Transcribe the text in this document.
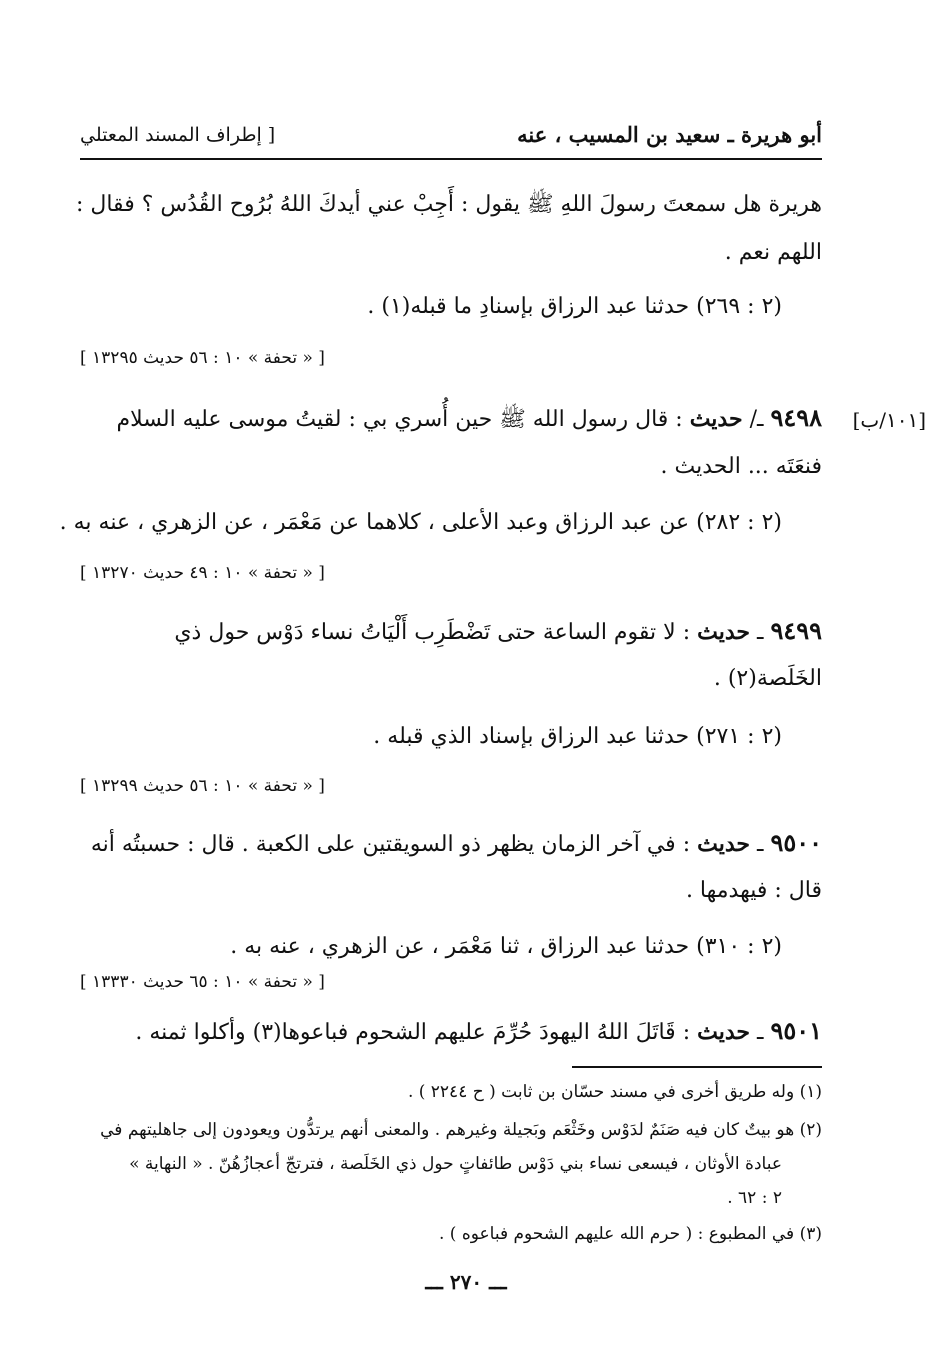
أبو هريرة ـ سعيد بن المسيب ، عنه
[ إطراف المسند المعتلي
هريرة هل سمعتَ رسولَ اللهِ ﷺ يقول : أَجِبْ عني أيدكَ اللهُ بُرُوح القُدُس ؟ فقال :
اللهم نعم .
(٢ : ٢٦٩) حدثنا عبد الرزاق بإسنادِ ما قبله(١) .
[ « تحفة » ١٠ : ٥٦ حديث ١٣٢٩٥ ]
[١٠١/ب]
٩٤٩٨ ـ/ حديث : قال رسول الله ﷺ حين أُسري بي : لقيتُ موسى عليه السلام
فنعَتَه ... الحديث .
(٢ : ٢٨٢) عن عبد الرزاق وعبد الأعلى ، كلاهما عن مَعْمَر ، عن الزهري ، عنه به .
[ « تحفة » ١٠ : ٤٩ حديث ١٣٢٧٠ ]
٩٤٩٩ ـ حديث : لا تقوم الساعة حتى تَضْطَرِب أَلْيَاتُ نساء دَوْس حول ذي
الخَلَصة(٢) .
(٢ : ٢٧١) حدثنا عبد الرزاق بإسناد الذي قبله .
[ « تحفة » ١٠ : ٥٦ حديث ١٣٢٩٩ ]
٩٥٠٠ ـ حديث : في آخر الزمان يظهر ذو السويقتين على الكعبة . قال : حسبتُه أنه
قال : فيهدمها .
(٢ : ٣١٠) حدثنا عبد الرزاق ، ثنا مَعْمَر ، عن الزهري ، عنه به .
[ « تحفة » ١٠ : ٦٥ حديث ١٣٣٣٠ ]
٩٥٠١ ـ حديث : قَاتَلَ اللهُ اليهودَ حُرِّمَ عليهم الشحوم فباعوها(٣) وأكلوا ثمنه .
(١) وله طريق أخرى في مسند حسّان بن ثابت ( ح ٢٢٤٤ ) .
(٢) هو بيتٌ كان فيه صَنَمٌ لدَوْس وخَثْعَم وبَجيلة وغيرهم . والمعنى أنهم يرتدُّون ويعودون إلى جاهليتهم في
عبادة الأوثان ، فيسعى نساء بني دَوْس طائفاتٍ حول ذي الخَلَصة ، فترتجّ أعجازُهُنّ . « النهاية »
٢ : ٦٢ .
(٣) في المطبوع : ( حرم الله عليهم الشحوم فباعوه ) .
ـــ ٢٧٠ ـــ
